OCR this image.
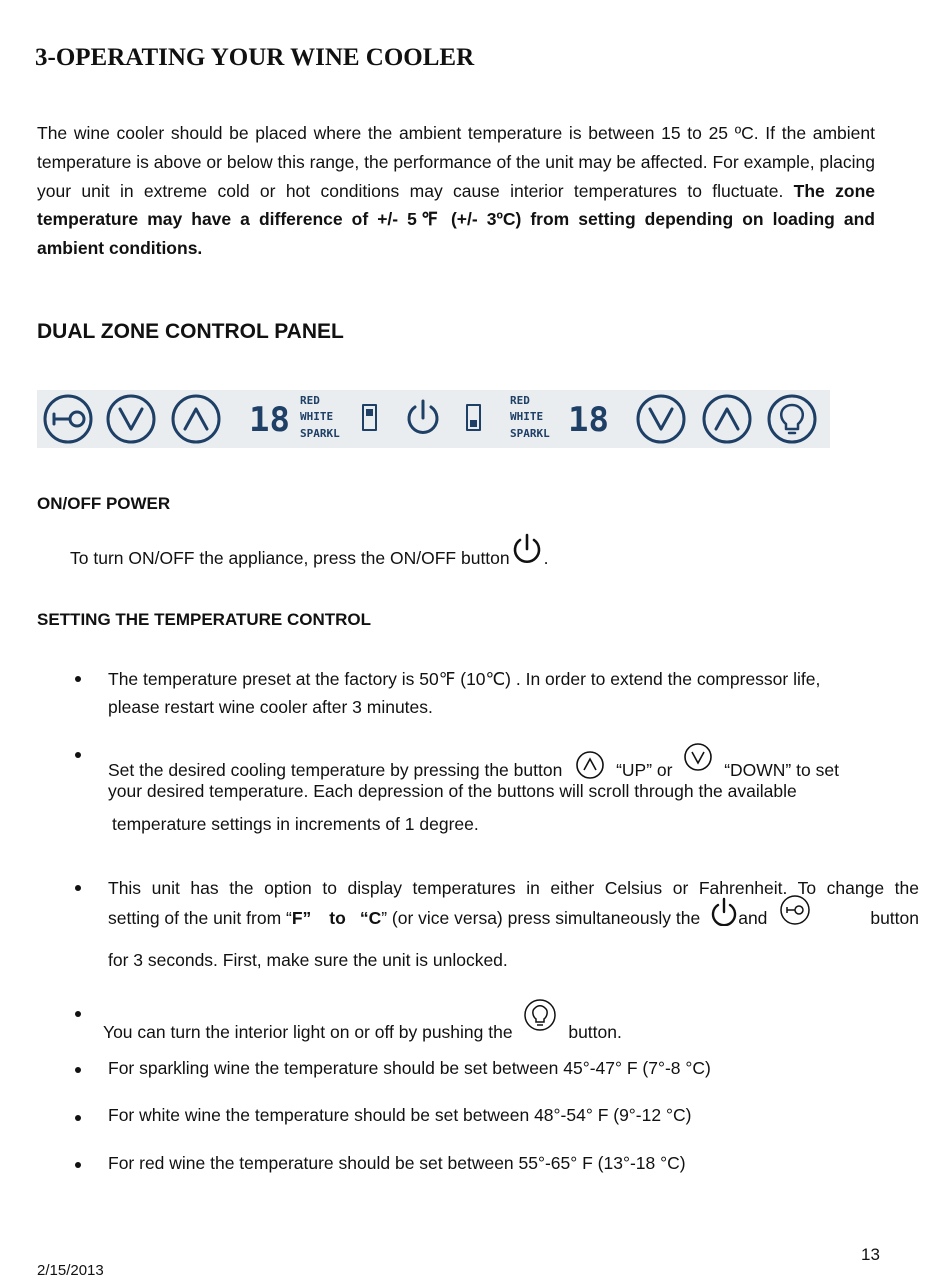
3-OPERATING YOUR WINE COOLER
The wine cooler should be placed where the ambient temperature is between 15 to 25 ºC. If the ambient temperature is above or below this range, the performance of the unit may be affected. For example, placing your unit in extreme cold or hot conditions may cause interior temperatures to fluctuate. The zone temperature may have a difference of +/- 5℉ (+/- 3ºC) from setting depending on loading and ambient conditions.
DUAL ZONE CONTROL PANEL
18	18
RED
WHITE
SPARKL
RED
WHITE
SPARKL
ON/OFF POWER
To turn ON/OFF the appliance, press the ON/OFF button .
SETTING THE TEMPERATURE CONTROL
The temperature preset at the factory is 50℉ (10℃) . In order to extend the compressor life,
please restart wine cooler after 3 minutes.
Set the desired cooling temperature by pressing the button	“UP” or	“DOWN” to set
your desired temperature. Each depression of the buttons will scroll through the available
temperature settings in increments of 1 degree.
This unit has the option to display temperatures in either Celsius or Fahrenheit. To change the
setting of the unit from “ F” to “C ” (or vice versa) press simultaneously the and	button
for 3 seconds. First, make sure the unit is unlocked.
You can turn the interior light on or off by pushing the	button.
For sparkling wine the temperature should be set between 45°-47° F (7°-8 °C)
For white wine the temperature should be set between 48°-54° F (9°-12 °C)
For red wine the temperature should be set between 55°-65° F (13°-18 °C)
13
2/15/2013
